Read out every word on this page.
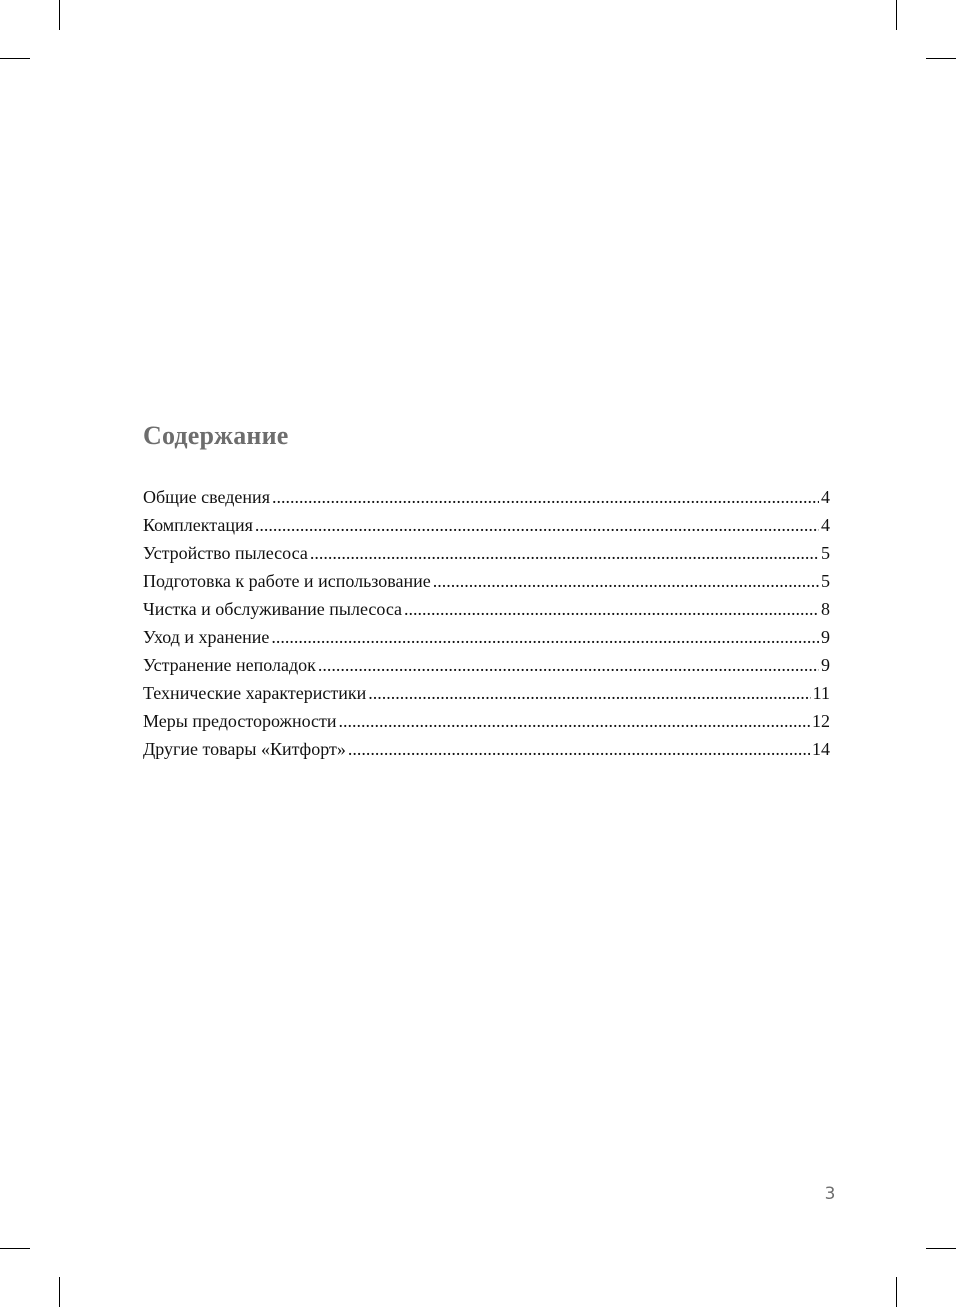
Содержание
Общие сведения .....	4
Комплектация .....	4
Устройство пылесоса .....	5
Подготовка к работе и использование .....	5
Чистка и обслуживание пылесоса .....	8
Уход и хранение .....	9
Устранение неполадок .....	9
Технические характеристики .....	11
Меры предосторожности .....	12
Другие товары «Китфорт» .....	14
3
